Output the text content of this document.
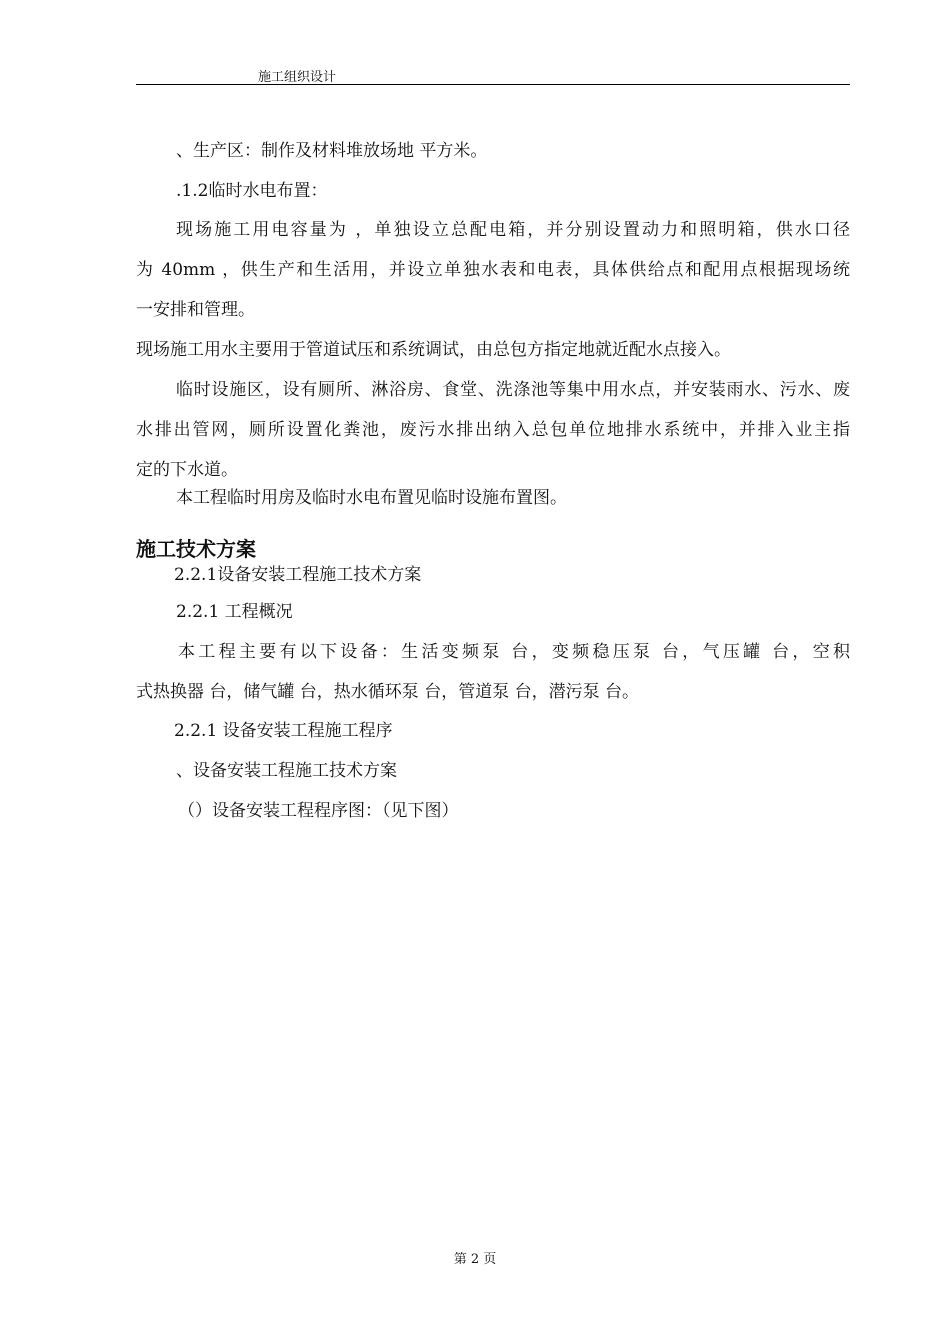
施工组织设计
、生产区：制作及材料堆放场地 平方米。
.1.2临时水电布置：
现场施工用电容量为 ，单独设立总配电箱，并分别设置动力和照明箱，供水口径
为 40mm ，供生产和生活用，并设立单独水表和电表，具体供给点和配用点根据现场统
一安排和管理。
现场施工用水主要用于管道试压和系统调试，由总包方指定地就近配水点接入。
临时设施区，设有厕所、淋浴房、食堂、洗涤池等集中用水点，并安装雨水、污水、废
水排出管网，厕所设置化粪池，废污水排出纳入总包单位地排水系统中，并排入业主指
定的下水道。
本工程临时用房及临时水电布置见临时设施布置图。
施工技术方案
2.2.1设备安装工程施工技术方案
2.2.1 工程概况
本工程主要有以下设备：生活变频泵 台，变频稳压泵 台，气压罐 台，空积
式热换器 台，储气罐 台，热水循环泵 台，管道泵 台，潜污泵 台。
2.2.1 设备安装工程施工程序
、设备安装工程施工技术方案
（）设备安装工程程序图：（见下图）
第 2 页
